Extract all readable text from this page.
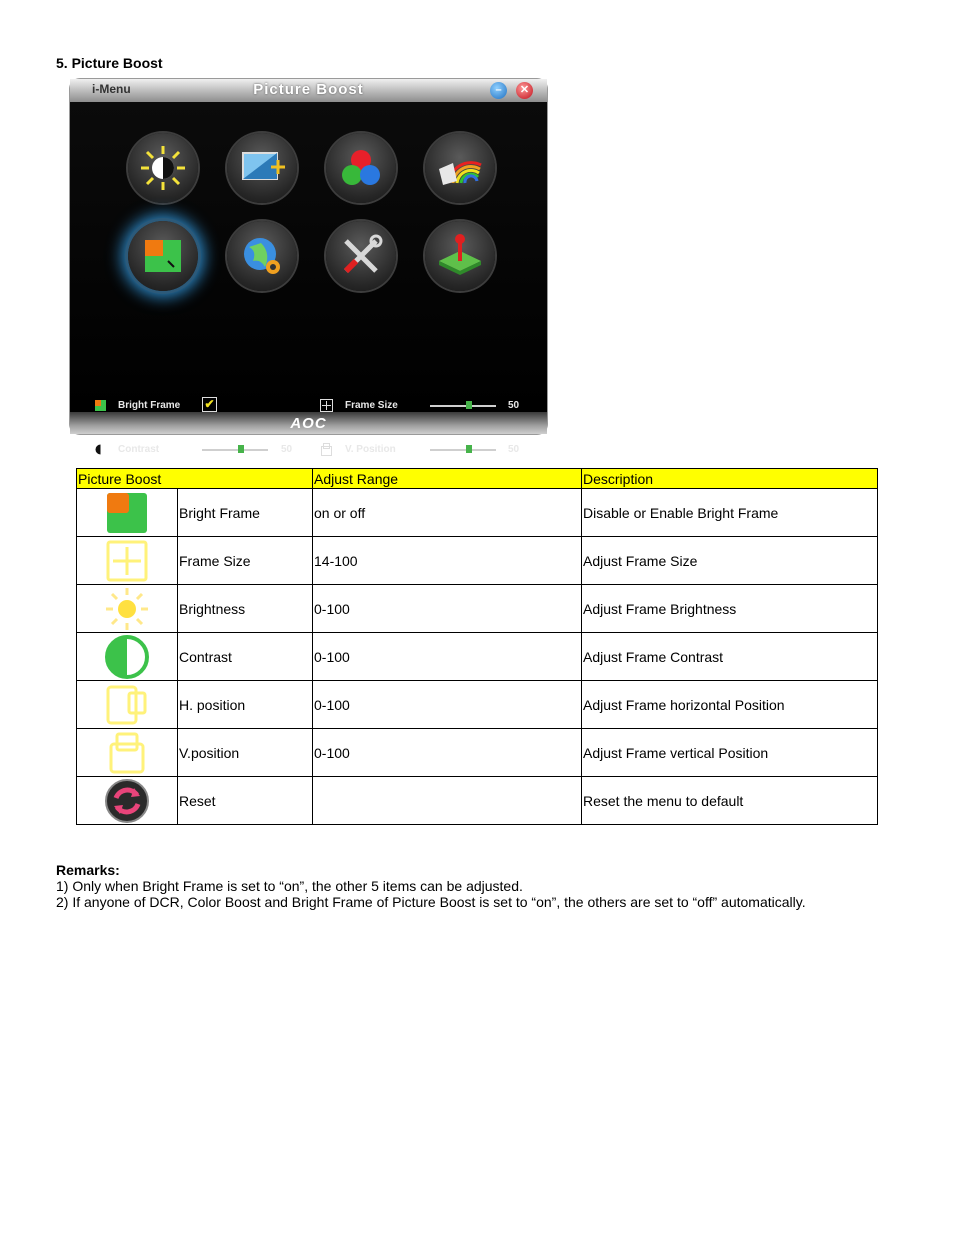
5. Picture Boost
i-Menu	Picture Boost	–	✕
Bright Frame ✔
Contrast	50
Frame Size	50
V. Position	50
AOC
Picture Boost		Adjust Range	Description

	Bright Frame	on or off	Disable or Enable Bright Frame

	Frame Size	14-100	Adjust Frame Size

	Brightness	0-100	Adjust Frame Brightness

	Contrast	0-100	Adjust Frame Contrast

	H. position	0-100	Adjust Frame horizontal Position

	V.position	0-100	Adjust Frame vertical Position

	Reset		Reset the menu to default
Remarks:
1) Only when Bright Frame is set to “on”, the other 5 items can be adjusted.
2) If anyone of DCR, Color Boost and Bright Frame of Picture Boost is set to “on”, the others are set to “off” automatically.
